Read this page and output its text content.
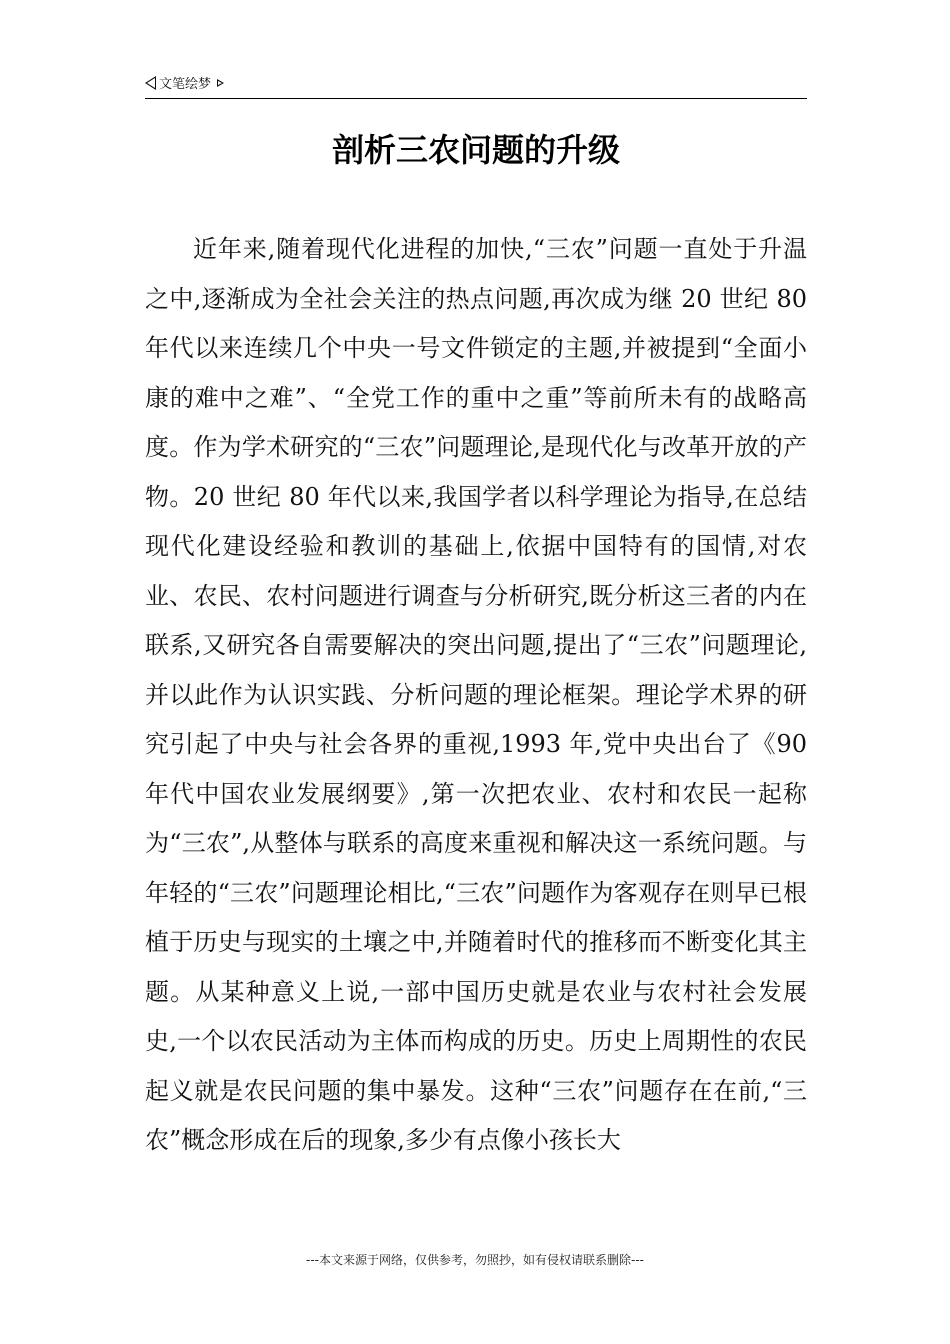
文笔绘梦
剖析三农问题的升级

近年来,随着现代化进程的加快,“三农”问题一直处于升温之中,逐渐成为全社会关注的热点问题,再次成为继 20 世纪 80 年代以来连续几个中央一号文件锁定的主题,并被提到“全面小康的难中之难”、“全党工作的重中之重”等前所未有的战略高度。作为学术研究的“三农”问题理论,是现代化与改革开放的产物。20 世纪 80 年代以来,我国学者以科学理论为指导,在总结现代化建设经验和教训的基础上,依据中国特有的国情,对农业、农民、农村问题进行调查与分析研究,既分析这三者的内在联系,又研究各自需要解决的突出问题,提出了“三农”问题理论,并以此作为认识实践、分析问题的理论框架。理论学术界的研究引起了中央与社会各界的重视,1993 年,党中央出台了《90 年代中国农业发展纲要》,第一次把农业、农村和农民一起称为“三农”,从整体与联系的高度来重视和解决这一系统问题。与年轻的“三农”问题理论相比,“三农”问题作为客观存在则早已根植于历史与现实的土壤之中,并随着时代的推移而不断变化其主题。从某种意义上说,一部中国历史就是农业与农村社会发展史,一个以农民活动为主体而构成的历史。历史上周期性的农民起义就是农民问题的集中暴发。这种“三农”问题存在在前,“三农”概念形成在后的现象,多少有点像小孩长大

---本文来源于网络，仅供参考，勿照抄，如有侵权请联系删除---
